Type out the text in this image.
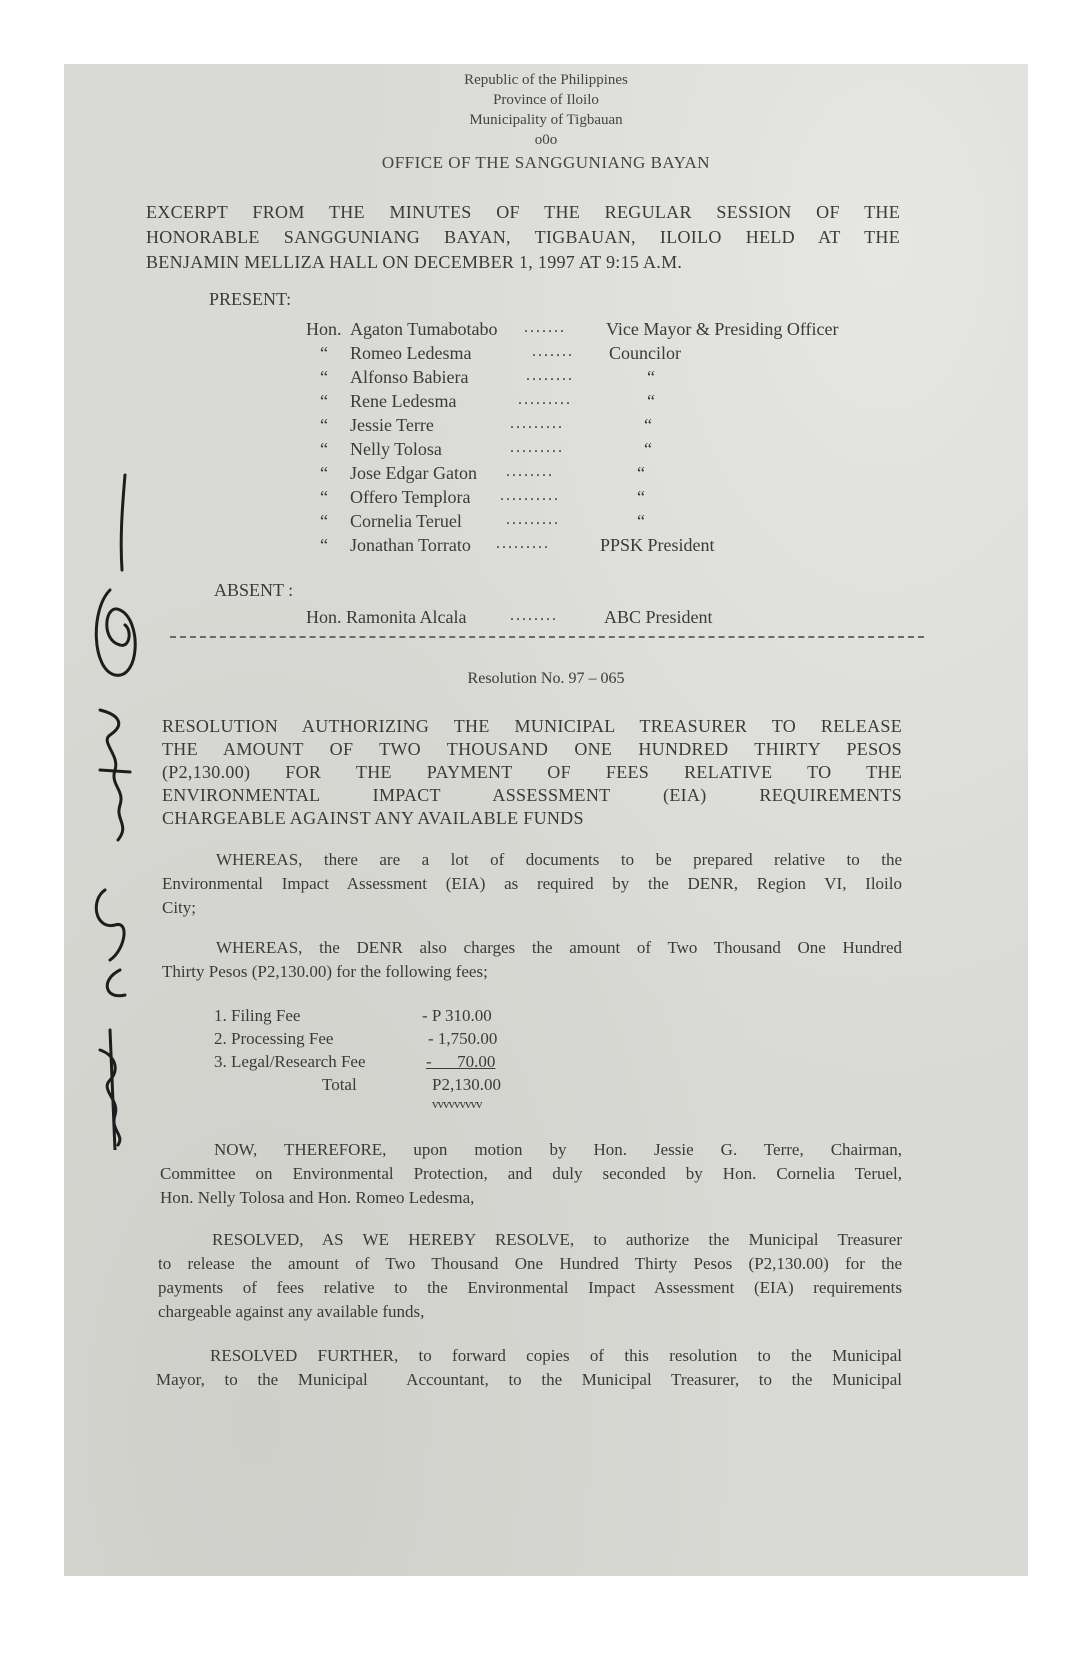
Republic of the Philippines
Province of Iloilo
Municipality of Tigbauan
o0o
OFFICE OF THE SANGGUNIANG BAYAN
EXCERPT FROM THE MINUTES OF THE REGULAR SESSION OF THE
HONORABLE SANGGUNIANG BAYAN, TIGBAUAN, ILOILO HELD AT THE
BENJAMIN MELLIZA HALL ON DECEMBER 1, 1997 AT 9:15 A.M.
PRESENT:
Hon. Agaton Tumabotabo ....... Vice Mayor & Presiding Officer
“ Romeo Ledesma	....... Councilor
“ Alfonso Babiera	........	“
“ Rene Ledesma	.........	“
“ Jessie Terre	.........	“
“ Nelly Tolosa	.........	“
“ Jose Edgar Gaton ........	“
“ Offero Templora ..........	“
“ Cornelia Teruel	.........	“
“ Jonathan Torrato .........	PPSK President
ABSENT :
Hon. Ramonita Alcala	........	ABC President
Resolution No. 97 – 065
RESOLUTION AUTHORIZING THE MUNICIPAL TREASURER TO RELEASE
THE AMOUNT OF TWO THOUSAND ONE HUNDRED THIRTY PESOS
(P2,130.00) FOR THE PAYMENT OF FEES RELATIVE TO THE
ENVIRONMENTAL IMPACT ASSESSMENT (EIA) REQUIREMENTS
CHARGEABLE AGAINST ANY AVAILABLE FUNDS
WHEREAS, there are a lot of documents to be prepared relative to the
Environmental Impact Assessment (EIA) as required by the DENR, Region VI, Iloilo
City;
WHEREAS, the DENR also charges the amount of Two Thousand One Hundred
Thirty Pesos (P2,130.00) for the following fees;
1. Filing Fee	- P 310.00
2. Processing Fee	- 1,750.00
3. Legal/Research Fee	-      70.00
Total	P2,130.00
vvvvvvvvv
NOW, THEREFORE, upon motion by Hon. Jessie G. Terre, Chairman,
Committee on Environmental Protection, and duly seconded by Hon. Cornelia Teruel,
Hon. Nelly Tolosa and Hon. Romeo Ledesma,
RESOLVED, AS WE HEREBY RESOLVE, to authorize the Municipal Treasurer
to release the amount of Two Thousand One Hundred Thirty Pesos (P2,130.00) for the
payments of fees relative to the Environmental Impact Assessment (EIA) requirements
chargeable against any available funds,
RESOLVED FURTHER, to forward copies of this resolution to the Municipal
Mayor, to the Municipal  Accountant, to the Municipal Treasurer, to the Municipal
